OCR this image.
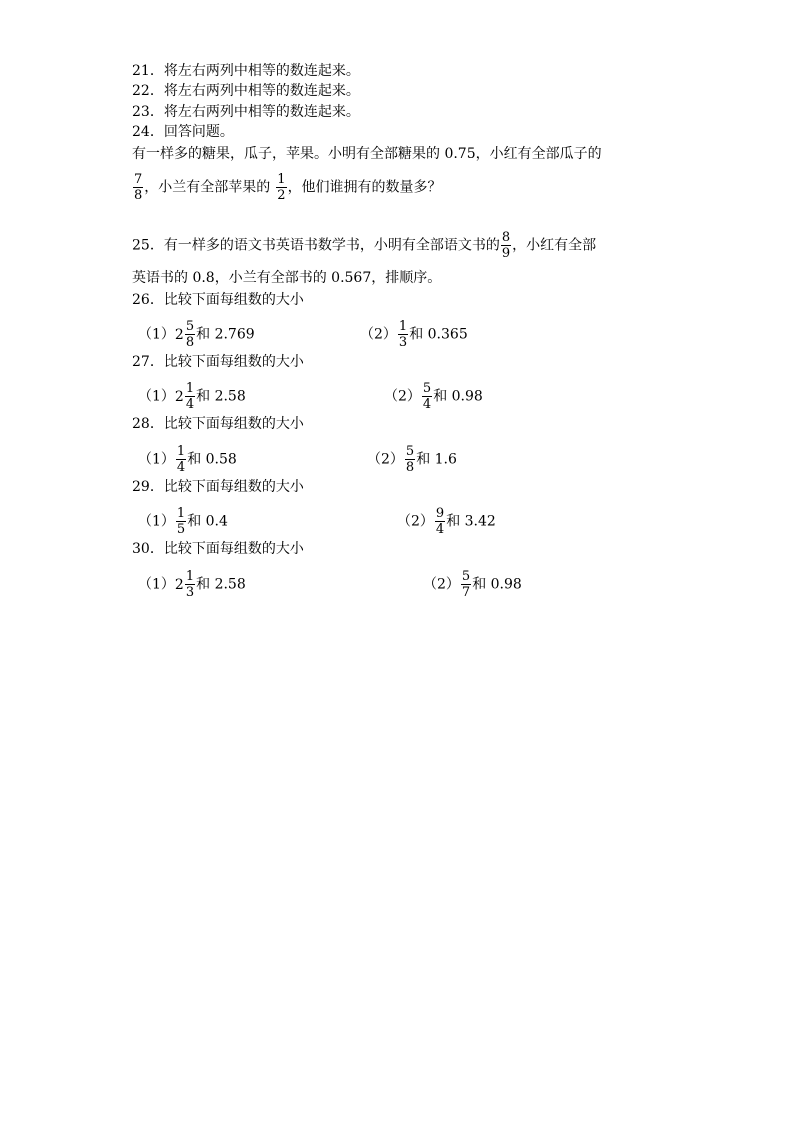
21．将左右两列中相等的数连起来。
22．将左右两列中相等的数连起来。
23．将左右两列中相等的数连起来。
24．回答问题。
有一样多的糖果，瓜子，苹果。小明有全部糖果的 0.75，小红有全部瓜子的
$\frac{7}{8}$ ，小兰有全部苹果的 $\frac{1}{2}$ ，他们谁拥有的数量多？
25．有一样多的语文书英语书数学书，小明有全部语文书的 $\frac{8}{9}$ ，小红有全部
英语书的 0.8，小兰有全部书的 0.567，排顺序。
26．比较下面每组数的大小
$(1)2 \frac{5}{8}$ 和 2.769	$(2) \frac{1}{3}$ 和 0.365
27．比较下面每组数的大小
$(1)2 \frac{1}{4}$ 和 2.58	$(2) \frac{5}{4}$ 和 0.98
28．比较下面每组数的大小
$(1) \frac{1}{4}$ 和 0.58	$(2) \frac{5}{8}$ 和 1.6
29．比较下面每组数的大小
$(1) \frac{1}{5}$ 和 0.4	$(2) \frac{9}{4}$ 和 3.42
30．比较下面每组数的大小
$(1)2 \frac{1}{3}$ 和 2.58	$(2) \frac{5}{7}$ 和 0.98
